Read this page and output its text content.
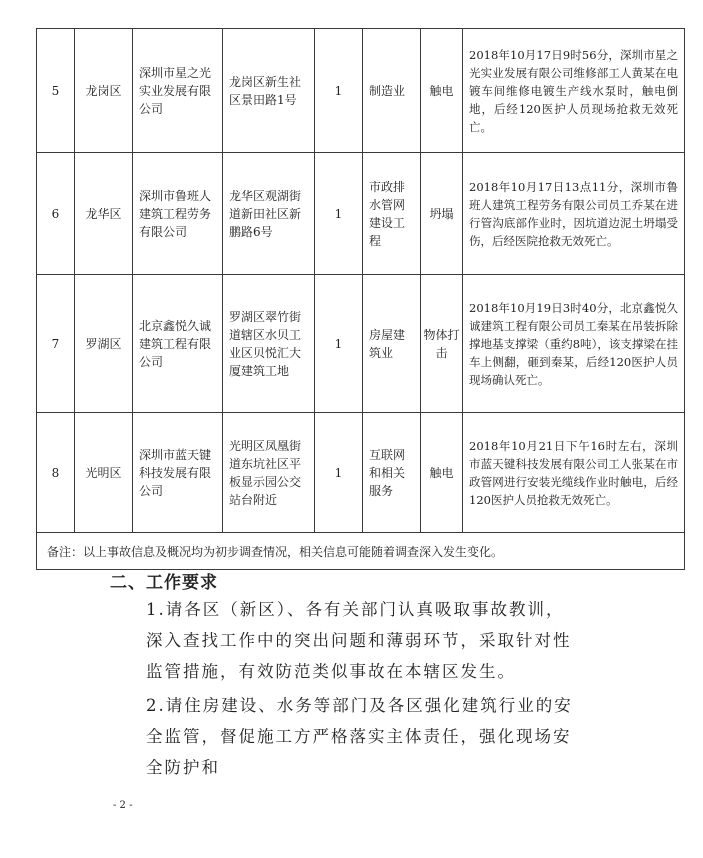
5	龙岗区	深圳市星之光实业发展有限公司	龙岗区新生社区景田路1号	1	制造业	触电	2018年10月17日9时56分，深圳市星之光实业发展有限公司维修部工人黄某在电镀车间维修电镀生产线水泵时，触电倒地，后经120医护人员现场抢救无效死亡。
6	龙华区	深圳市鲁班人建筑工程劳务有限公司	龙华区观湖街道新田社区新鹏路6号	1	市政排水管网建设工程	坍塌	2018年10月17日13点11分，深圳市鲁班人建筑工程劳务有限公司员工乔某在进行管沟底部作业时，因坑道边泥土坍塌受伤，后经医院抢救无效死亡。
7	罗湖区	北京鑫悦久诚建筑工程有限公司	罗湖区翠竹街道辖区水贝工业区贝悦汇大厦建筑工地	1	房屋建筑业	物体打击	2018年10月19日3时40分，北京鑫悦久诚建筑工程有限公司员工秦某在吊装拆除撑地基支撑梁（重约8吨），该支撑梁在挂车上侧翻，砸到秦某，后经120医护人员现场确认死亡。
8	光明区	深圳市蓝天键科技发展有限公司	光明区凤凰街道东坑社区平板显示园公交站台附近	1	互联网和相关服务	触电	2018年10月21日下午16时左右，深圳市蓝天键科技发展有限公司工人张某在市政管网进行安装光缆线作业时触电，后经120医护人员抢救无效死亡。
备注：以上事故信息及概况均为初步调查情况，相关信息可能随着调查深入发生变化。							
二、工作要求
1.请各区（新区）、各有关部门认真吸取事故教训，深入查找工作中的突出问题和薄弱环节，采取针对性监管措施，有效防范类似事故在本辖区发生。
2.请住房建设、水务等部门及各区强化建筑行业的安全监管，督促施工方严格落实主体责任，强化现场安全防护和
- 2 -
